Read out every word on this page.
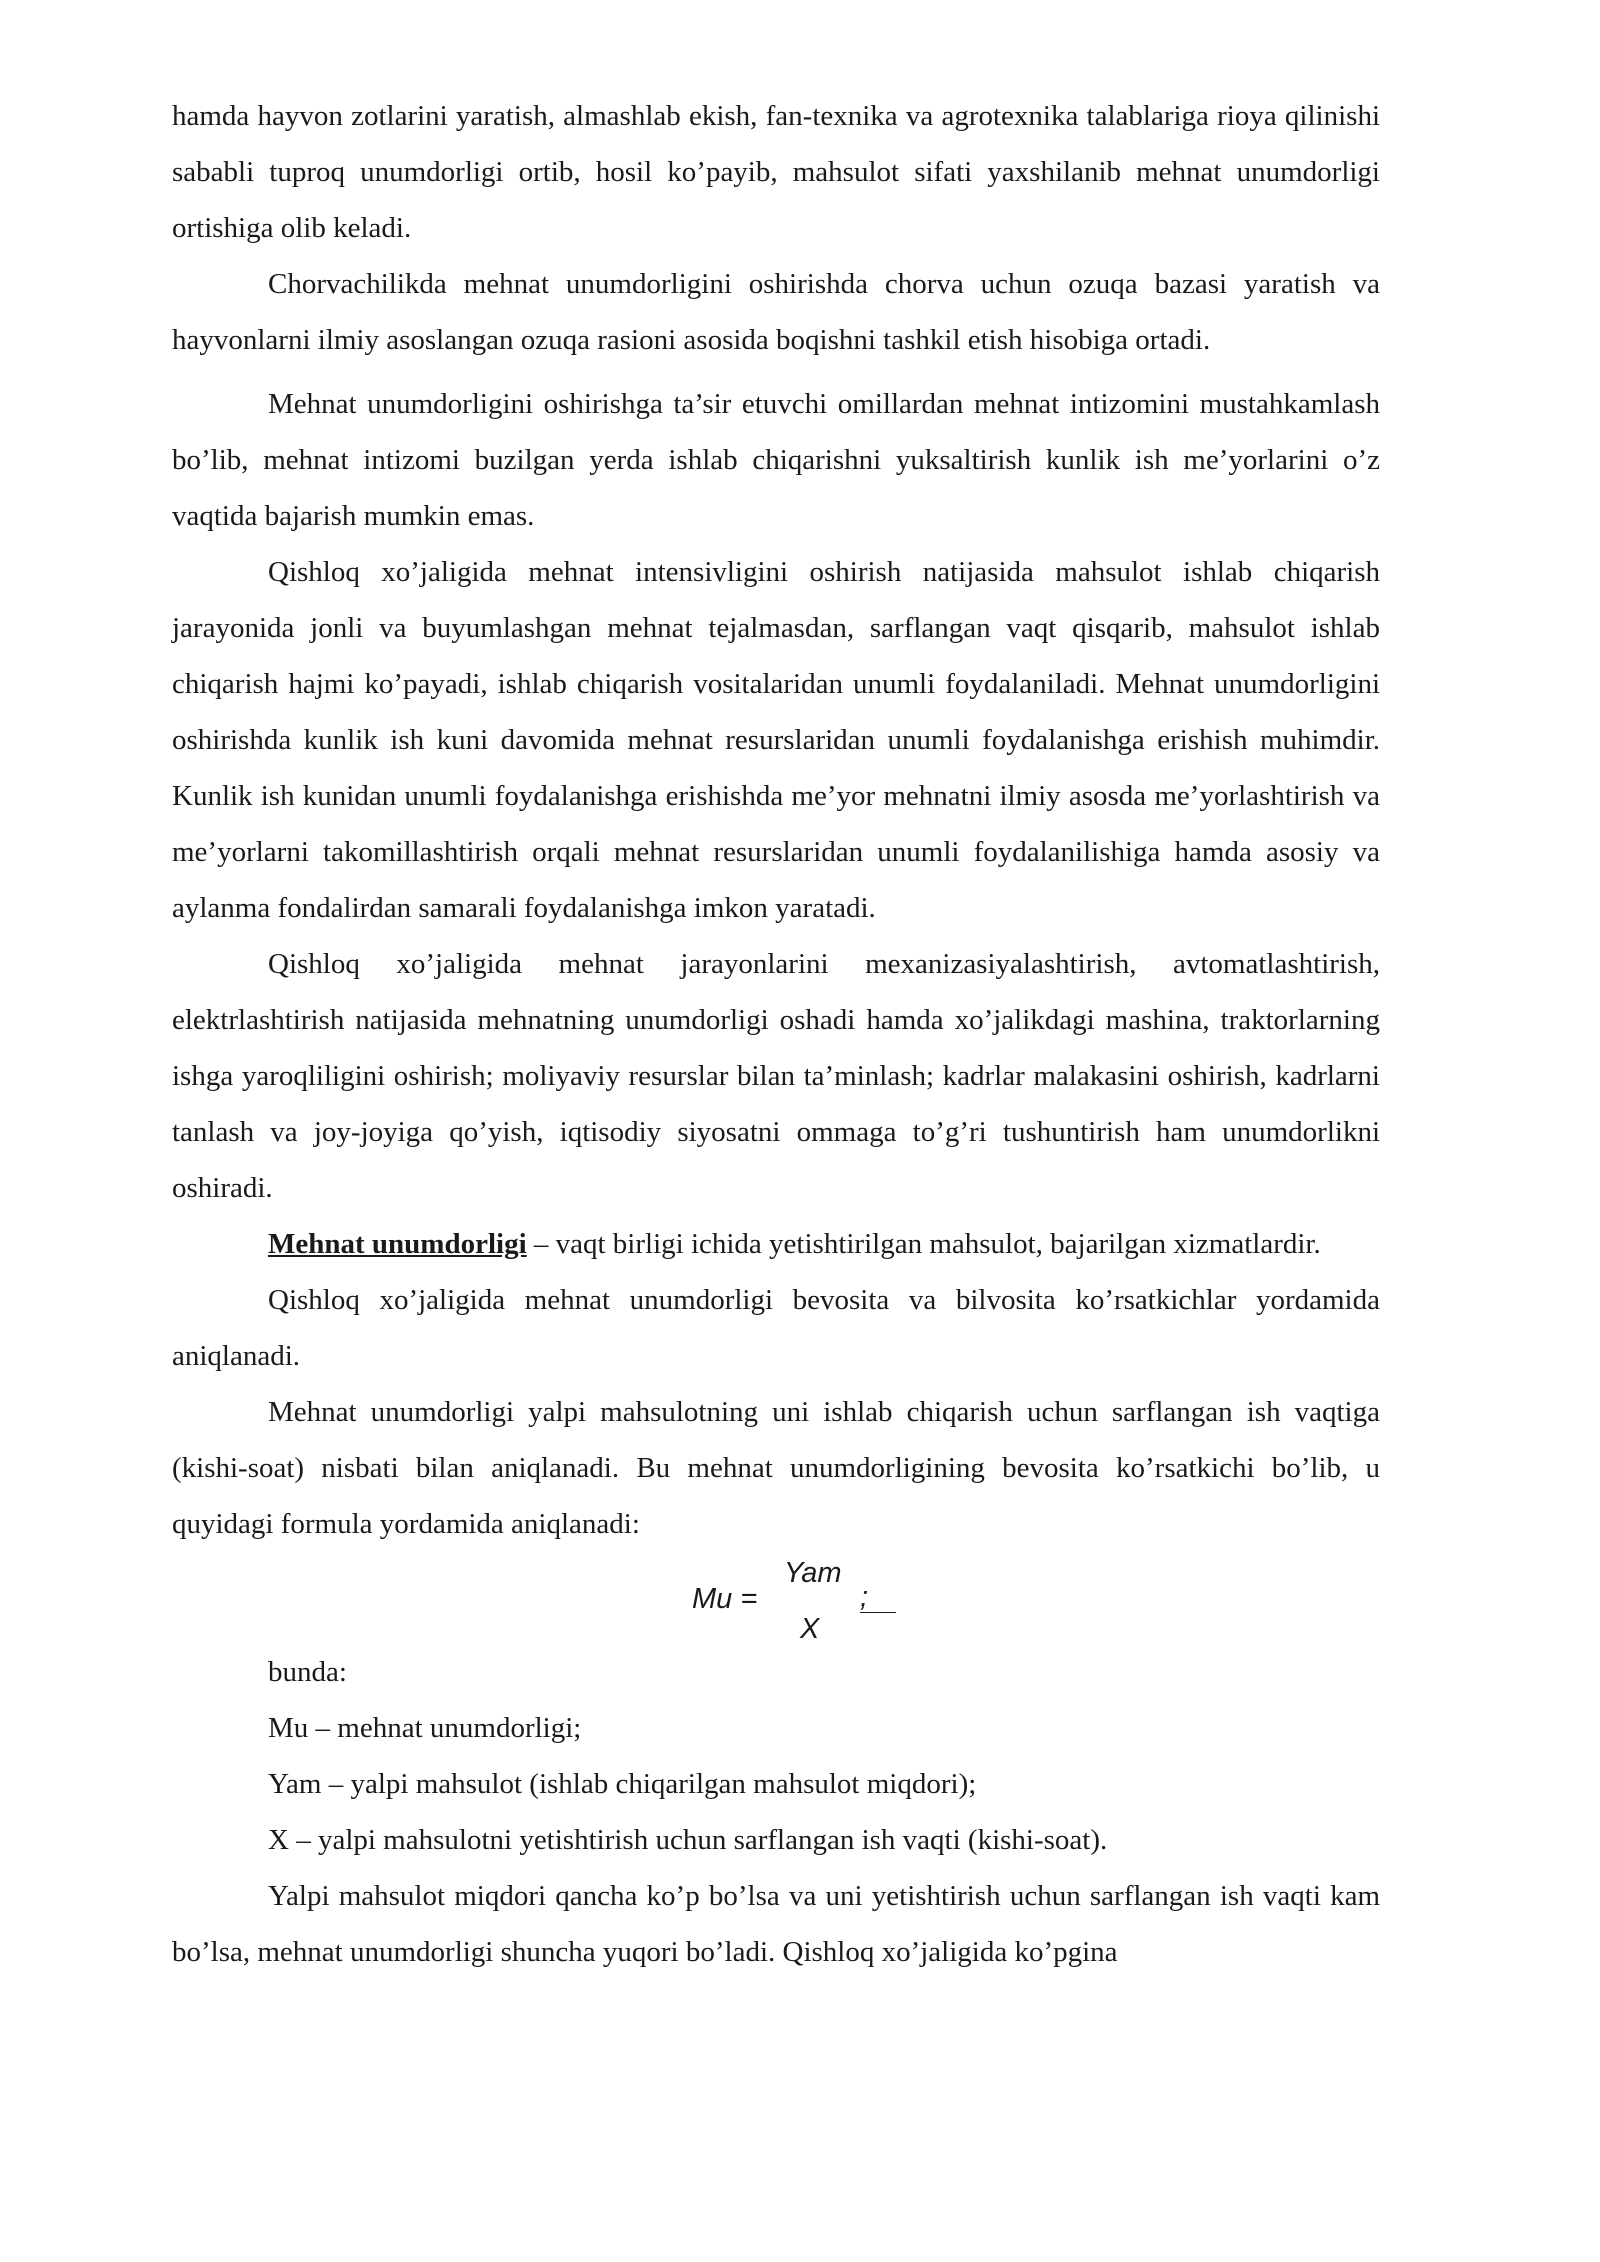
hamda hayvon zotlarini yaratish, almashlab ekish, fan-texnika va agrotexnika talablariga rioya qilinishi sababli tuproq unumdorligi ortib, hosil ko’payib, mahsulot sifati yaxshilanib mehnat unumdorligi ortishiga olib keladi.

Chorvachilikda mehnat unumdorligini oshirishda chorva uchun ozuqa bazasi yaratish va hayvonlarni ilmiy asoslangan ozuqa rasioni asosida boqishni tashkil etish hisobiga ortadi.

Mehnat unumdorligini oshirishga ta’sir etuvchi omillardan mehnat intizomini mustahkamlash bo’lib, mehnat intizomi buzilgan yerda ishlab chiqarishni yuksaltirish kunlik ish me’yorlarini o’z vaqtida bajarish mumkin emas.

Qishloq xo’jaligida mehnat intensivligini oshirish natijasida mahsulot ishlab chiqarish jarayonida jonli va buyumlashgan mehnat tejalmasdan, sarflangan vaqt qisqarib, mahsulot ishlab chiqarish hajmi ko’payadi, ishlab chiqarish vositalaridan unumli foydalaniladi. Mehnat unumdorligini oshirishda kunlik ish kuni davomida mehnat resurslaridan unumli foydalanishga erishish muhimdir. Kunlik ish kunidan unumli foydalanishga erishishda me’yor mehnatni ilmiy asosda me’yorlashtirish va me’yorlarni takomillashtirish orqali mehnat resurslaridan unumli foydalanilishiga hamda asosiy va aylanma fondalirdan samarali foydalanishga imkon yaratadi.

Qishloq xo’jaligida mehnat jarayonlarini mexanizasiyalashtirish, avtomatlashtirish, elektrlashtirish natijasida mehnatning unumdorligi oshadi hamda xo’jalikdagi mashina, traktorlarning ishga yaroqliligini oshirish; moliyaviy resurslar bilan ta’minlash; kadrlar malakasini oshirish, kadrlarni tanlash va joy-joyiga qo’yish, iqtisodiy siyosatni ommaga to’g’ri tushuntirish ham unumdorlikni oshiradi.

Mehnat unumdorligi – vaqt birligi ichida yetishtirilgan mahsulot, bajarilgan xizmatlardir.

Qishloq xo’jaligida mehnat unumdorligi bevosita va bilvosita ko’rsatkichlar yordamida aniqlanadi.

Mehnat unumdorligi yalpi mahsulotning uni ishlab chiqarish uchun sarflangan ish vaqtiga (kishi-soat) nisbati bilan aniqlanadi. Bu mehnat unumdorligining bevosita ko’rsatkichi bo’lib, u quyidagi formula yordamida aniqlanadi:

Mu =
Yam
X
;

bunda:

Mu – mehnat unumdorligi;

Yam – yalpi mahsulot (ishlab chiqarilgan mahsulot miqdori);

X – yalpi mahsulotni yetishtirish uchun sarflangan ish vaqti (kishi-soat).

Yalpi mahsulot miqdori qancha ko’p bo’lsa va uni yetishtirish uchun sarflangan ish vaqti kam bo’lsa, mehnat unumdorligi shuncha yuqori bo’ladi. Qishloq xo’jaligida ko’pgina
